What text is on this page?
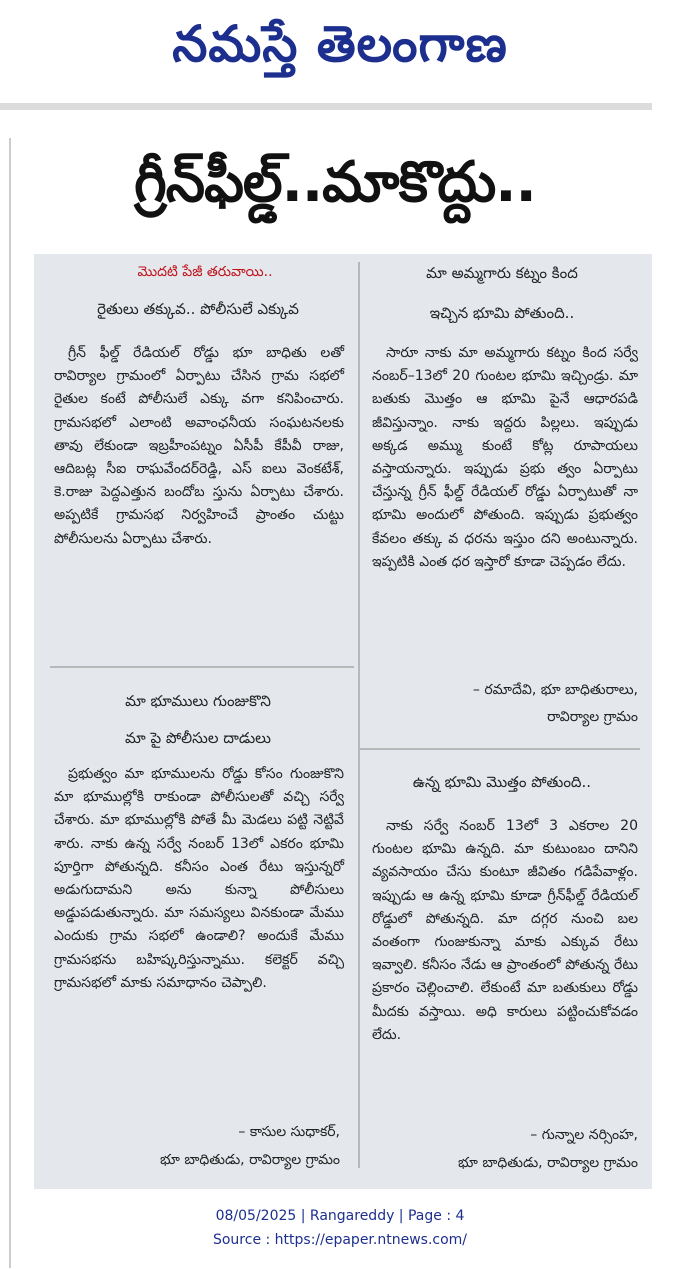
నమస్తే తెలంగాణ
గ్రీన్‌ఫీల్డ్‌..మాకొద్దు..
మొదటి పేజీ తరువాయి..
రైతులు తక్కువ.. పోలీసులే ఎక్కువ
గ్రీన్ ఫీల్డ్ రేడియల్ రోడ్డు భూ బాధితు లతో రావిర్యాల గ్రామంలో ఏర్పాటు చేసిన గ్రామ సభలో రైతుల కంటే పోలీసులే ఎక్కు వగా కనిపించారు. గ్రామసభలో ఎలాంటి అవాంఛనీయ సంఘటనలకు తావు లేకుండా ఇబ్రహీంపట్నం ఏసీపీ కేపీవీ రాజు, ఆదిబట్ల సీఐ రాఘవేందర్‌రెడ్డి, ఎస్ ఐలు వెంకటేశ్, కె.రాజు పెద్దఎత్తున బందోబ స్తును ఏర్పాటు చేశారు. అప్పటికే గ్రామసభ నిర్వహించే ప్రాంతం చుట్టు పోలీసులను ఏర్పాటు చేశారు.
మా భూములు గుంజుకొని
మా పై పోలీసుల దాడులు
ప్రభుత్వం మా భూములను రోడ్డు కోసం గుంజుకొని మా భూముల్లోకి రాకుండా పోలీసులతో వచ్చి సర్వే చేశారు. మా భూముల్లోకి పోతే మీ మెడలు పట్టి నెట్టివే శారు. నాకు ఉన్న సర్వే నంబర్ 13లో ఎకరం భూమి పూర్తిగా పోతున్నది. కనీసం ఎంత రేటు ఇస్తున్నరో అడుగుదామని అను కున్నా పోలీసులు అడ్డుపడుతున్నారు. మా సమస్యలు వినకుండా మేము ఎందుకు గ్రామ సభలో ఉండాలి? అందుకే మేము గ్రామసభను బహిష్కరిస్తున్నాము. కలెక్టర్ వచ్చి గ్రామసభలో మాకు సమాధానం చెప్పాలి.
– కాసుల సుధాకర్,
భూ బాధితుడు, రావిర్యాల గ్రామం
మా అమ్మగారు కట్నం కింద
ఇచ్చిన భూమి పోతుంది..
సారూ నాకు మా అమ్మగారు కట్నం కింద సర్వే నంబర్–13లో 20 గుంటల భూమి ఇచ్చిండ్రు. మా బతుకు మొత్తం ఆ భూమి పైనే ఆధారపడి జీవిస్తున్నాం. నాకు ఇద్దరు పిల్లలు. ఇప్పుడు అక్కడ అమ్ము కుంటే కోట్ల రూపాయలు వస్తాయన్నారు. ఇప్పుడు ప్రభు త్వం ఏర్పాటు చేస్తున్న గ్రీన్ ఫీల్డ్ రేడియల్ రోడ్డు ఏర్పాటుతో నా భూమి అందులో పోతుంది. ఇప్పుడు ప్రభుత్వం కేవలం తక్కు వ ధరను ఇస్తుం దని అంటున్నారు. ఇప్పటికి ఎంత ధర ఇస్తారో కూడా చెప్పడం లేదు.
– రమాదేవి, భూ బాధితురాలు,
రావిర్యాల గ్రామం
ఉన్న భూమి మొత్తం పోతుంది..
నాకు సర్వే నంబర్ 13లో 3 ఎకరాల 20 గుంటల భూమి ఉన్నది. మా కుటుంబం దానిని వ్యవసాయం చేసు కుంటూ జీవితం గడిపేవాళ్లం. ఇప్పుడు ఆ ఉన్న భూమి కూడా గ్రీన్‌ఫీల్డ్ రేడియల్ రోడ్డులో పోతున్నది. మా దగ్గర నుంచి బల వంతంగా గుంజుకున్నా మాకు ఎక్కువ రేటు ఇవ్వాలి. కనీసం నేడు ఆ ప్రాంతంలో పోతున్న రేటు ప్రకారం చెల్లించాలి. లేకుంటే మా బతుకులు రోడ్డు మీదకు వస్తాయి. అధి కారులు పట్టించుకోవడం లేదు.
– గున్నాల నర్సింహ,
భూ బాధితుడు, రావిర్యాల గ్రామం
08/05/2025 | Rangareddy | Page : 4
Source : https://epaper.ntnews.com/
